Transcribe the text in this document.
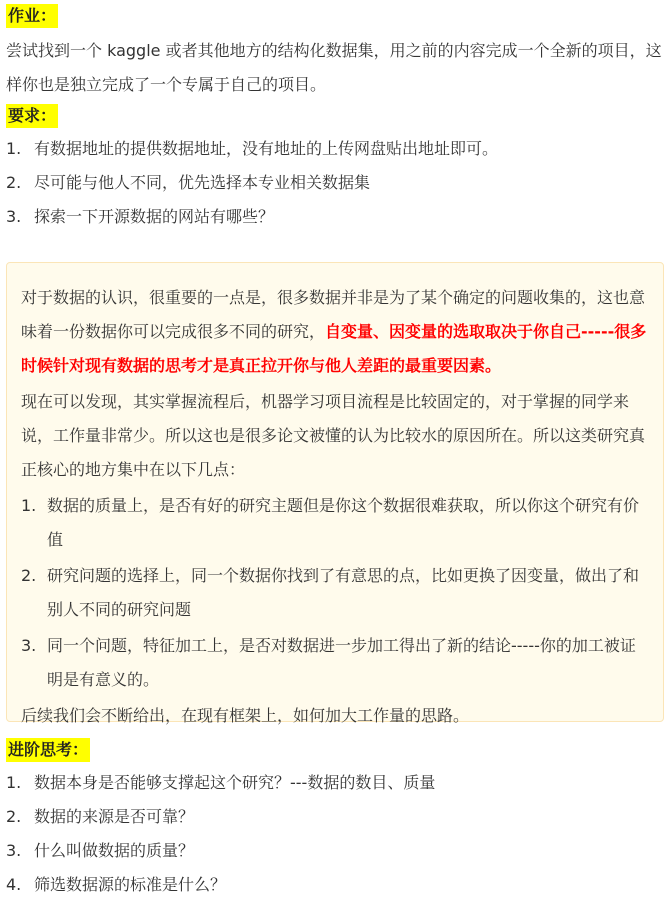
作业：

尝试找到一个 kaggle 或者其他地方的结构化数据集，用之前的内容完成一个全新的项目，这样你也是独立完成了一个专属于自己的项目。

要求：
1. 有数据地址的提供数据地址，没有地址的上传网盘贴出地址即可。
2. 尽可能与他人不同，优先选择本专业相关数据集
3. 探索一下开源数据的网站有哪些？

对于数据的认识，很重要的一点是，很多数据并非是为了某个确定的问题收集的，这也意味着一份数据你可以完成很多不同的研究，自变量、因变量的选取取决于你自己-----很多时候针对现有数据的思考才是真正拉开你与他人差距的最重要因素。

现在可以发现，其实掌握流程后，机器学习项目流程是比较固定的，对于掌握的同学来说，工作量非常少。所以这也是很多论文被懂的认为比较水的原因所在。所以这类研究真正核心的地方集中在以下几点：

1. 数据的质量上，是否有好的研究主题但是你这个数据很难获取，所以你这个研究有价值
2. 研究问题的选择上，同一个数据你找到了有意思的点，比如更换了因变量，做出了和别人不同的研究问题
3. 同一个问题，特征加工上，是否对数据进一步加工得出了新的结论-----你的加工被证明是有意义的。

后续我们会不断给出，在现有框架上，如何加大工作量的思路。

进阶思考：
1. 数据本身是否能够支撑起这个研究？---数据的数目、质量
2. 数据的来源是否可靠？
3. 什么叫做数据的质量？
4. 筛选数据源的标准是什么？
